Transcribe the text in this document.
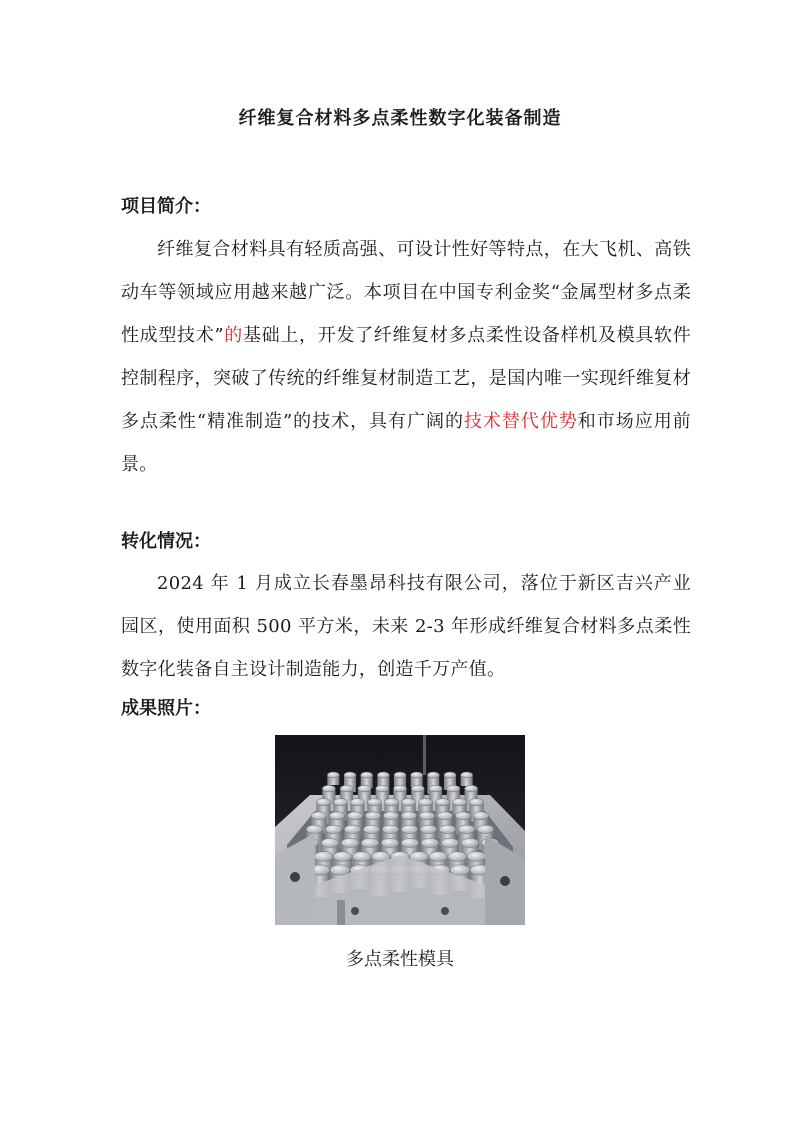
纤维复合材料多点柔性数字化装备制造
项目简介：
纤维复合材料具有轻质高强、可设计性好等特点，在大飞机、高铁动车等领域应用越来越广泛。本项目在中国专利金奖“金属型材多点柔性成型技术”的基础上，开发了纤维复材多点柔性设备样机及模具软件控制程序，突破了传统的纤维复材制造工艺，是国内唯一实现纤维复材多点柔性“精准制造”的技术，具有广阔的技术替代优势和市场应用前景。
转化情况：
2024 年 1 月成立长春墨昂科技有限公司，落位于新区吉兴产业园区，使用面积 500 平方米，未来 2-3 年形成纤维复合材料多点柔性数字化装备自主设计制造能力，创造千万产值。
成果照片：
多点柔性模具
